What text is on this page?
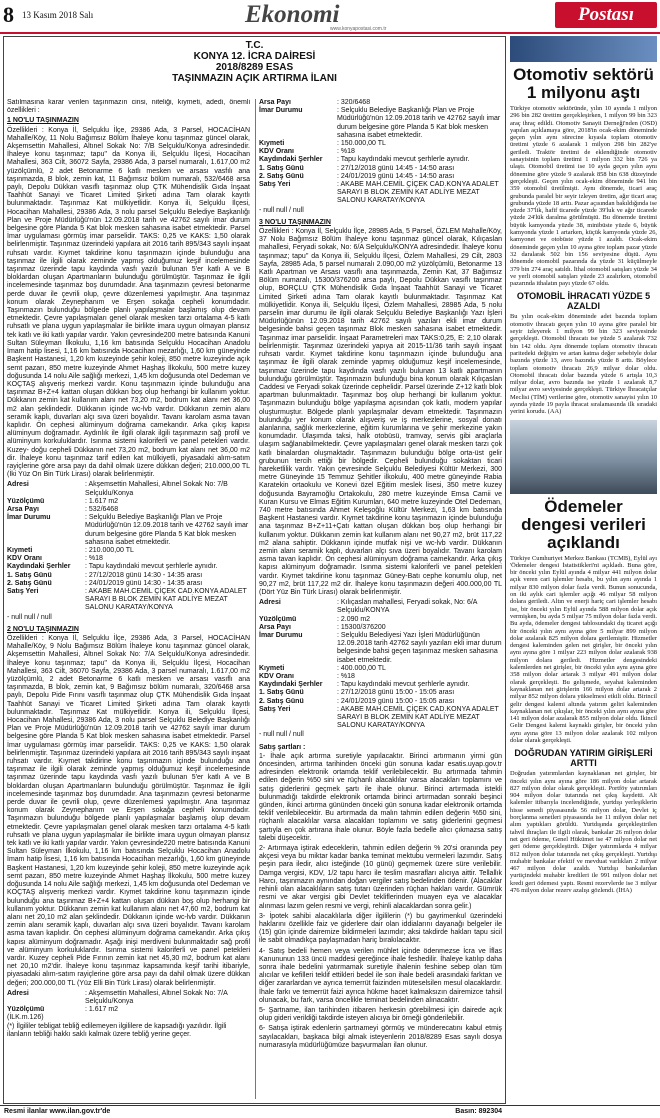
8 13 Kasım 2018 Salı	Ekonomi	Postası
www.konyapostasi.com.tr
T.C.
KONYA 12. İCRA DAİRESİ
2018/8289 ESAS
TAŞINMAZIN AÇIK ARTIRMA İLANI

Satılmasına karar verilen taşınmazın cinsi, niteliği, kıymeti, adedi, önemli özellikleri :

1 NO'LU TAŞINMAZIN

Özellikleri : Konya İl, Selçuklu İlçe, 29386 Ada, 3 Parsel, HOCACİHAN Mahalle/Köy, 11 Nolu Bağımsız Bölüm İhaleye konu taşınmaz güncel olarak, Akşemsettin Mahallesi, Altınel Sokak No: 7/B Selçuklu/Konya adresindedir. İhaleye konu taşınmaz; tapu'' da Konya ili, Selçuklu İlçesi, Hocacihan Mahallesi, 363 Cilt, 36072 Sayfa, 29386 Ada, 3 parsel numaralı, 1.617,00 m2 yüzölçümlü, 2 adet Betonarme 6 katlı mesken ve arsası vasfılı ana taşınmazda, B blok, zemin kat, 11 Bağımsız bölüm numaralı, 532/6468 arsa paylı, Depolu Dükkan vasıflı taşınmaz olup ÇTK Mühendislik Gıda İnşaat Taahhüt Sanayi ve Ticaret Limited Şirketi adına Tam olarak kayıtlı bulunmaktadır. Taşınmaz Kat mülkiyetlidir. Konya ili, Selçuklu İlçesi, Hocacihan Mahallesi, 29386 Ada, 3 nolu parsel Selçuklu Belediye Başkanlığı Plan ve Proje Müdürlüğü'nün 12.09.2018 tarih ve 42762 sayılı imar durum belgesine göre Planda 5 Kat blok mesken sahasına isabet etmektedir. Parsel İmar uygulaması görmüş imar parselidir. TAKS: 0,25 ve KAKS: 1,50 olarak belirlenmiştir. Taşınmaz üzerindeki yapılara ait 2016 tarih 895/343 sayılı inşaat ruhsatı vardır. Kıymet takdirine konu taşınmazın içinde bulunduğu ana taşınmaz ile ilgili olarak zeminde yapmış olduğumuz keşif incelemesinde taşınmaz üzerinde tapu kaydında vasfı yazılı bulunan 5'er katlı A ve B bloklardan oluşan Apartmanların bulunduğu görülmüştür. Taşınmaz ile ilgili incelemesinde taşınmaz boş durumdadır. Ana taşınmazın çevresi betonarme perde duvar ile çevrili olup, çevre düzenlemesi yapılmıştır. Ana taşınmaz konum olarak Zeynephanım ve Erşen sokağa cepheli konumdadır. Taşınmazın bulunduğu bölgede planlı yapılaşmalar başlamış olup devam etmektedir. Çevre yapılaşmaları genel olarak mesken tarzı ortalama 4-5 katlı ruhsatlı ve plana uygun yapılaşmalar ile birlikte imara uygun olmayan plansız tek katlı ve iki katlı yapılar vardır. Yakın çevresinde200 metre batısında Kanuni Sultan Süleyman İlkokulu, 1,16 km batısında Selçuklu Hocacihan Anadolu İmam hatip lisesi, 1,16 km batısında Hocacihan mezarlığı, 1,60 km güneyinde Başkent Hastanesi, 1,20 km kuzeyinde şehir koleji, 850 metre kuzeyinde açık semt pazarı, 850 metre kuzeyinde Ahmet Haşhaş İlkokulu, 500 metre kuzey doğusunda 14 nolu Aile sağlığı merkezi, 1,45 km doğusunda otel Dedeman ve KOÇTAŞ alışveriş merkezi vardır. Konu taşınmazın içinde bulunduğu ana taşınmaz B+Z+4 kattan oluşan dükkan boş olup herhangi bir kullanım yoktur. Dükkanın zemin kat kullanım alanı net 73,20 m2, bodrum kat alanı net 36,00 m2 alan şeklindedir. Dükkanın içinde wc-lvb vardır. Dükkanın zemin alanı seramik kaplı, duvarları alçı sıva üzeri boyalıdır. Tavanı karolam asma tavan kaplıdır. Ön cephesi alüminyum doğrama camekandır. Arka çıkış kapısı alüminyum doğramadır. Aydınlık ile ilgili olarak ilgili taşınmazın sağ profil ve alüminyum korkuluklardır. Isınma sistemi kaloriferli ve panel petekleri vardır. Kuzey- doğu cepheli Dükkanın net 73,20 m2, bodrum kat alanı net 36,00 m2 dir. İhaleye konu taşınmaz tarif edilen kat mülkiyetli, piyasadaki alım-satım rayiçlerine göre arsa payı da dahil olmak üzere dükkan değeri; 210.000,00 TL (İki Yüz On Bin Türk Lirası) olarak belirlenmiştir.

Adresi	: Akşemsettin Mahallesi, Altınel Sokak No: 7/B Selçuklu/Konya
Yüzölçümü	: 1.617 m2
Arsa Payı	: 532/6468
İmar Durumu	: Selçuklu Belediye Başkanlığı Plan ve Proje Müdürlüğü'nün 12.09.2018 tarih ve 42762 sayılı imar durum belgesine göre Planda 5 Kat blok mesken sahasına isabet etmektedir.
Kıymeti	: 210.000,00 TL
KDV Oranı	: %18
Kaydındaki Şerhler	: Tapu kaydındaki mevcut şerhlerle aynıdır.
1. Satış Günü	: 27/12/2018 günü 14:30 - 14:35 arası
2. Satış Günü	: 24/01/2019 günü 14:30 - 14:35 arası
Satış Yeri	: AKABE MAH.CEMİL ÇİÇEK CAD.KONYA ADALET SARAYI B BLOK ZEMİN KAT ADLİYE MEZAT SALONU KARATAY/KONYA
- null null / null
2 NO'LU TAŞINMAZIN

Özellikleri : Konya İl, Selçuklu İlçe, 29386 Ada, 3 Parsel, HOCACİHAN Mahalle/Köy, 9 Nolu Bağımsız Bölüm İhaleye konu taşınmaz güncel olarak, Akşemsettin Mahallesi, Altınel Sokak No: 7/A Selçuklu/Konya adresindedir. İhaleye konu taşınmaz; tapu'' da Konya ili, Selçuklu İlçesi, Hocacihan Mahallesi, 363 Cilt, 36070 Sayfa, 29386 Ada, 3 parsel numaralı, 1.617,00 m2 yüzölçümlü, 2 adet Betonarme 6 katlı mesken ve arsası vasıflı ana taşınmazda, B blok, zemin kat, 9 Bağımsız bölüm numaralı, 320/6468 arsa paylı, Depolu Pide Fırını vasıflı taşınmaz olup ÇTK Mühendislik Gıda İnşaat Taahhüt Sanayi ve Ticaret Limited Şirketi adına Tam olarak kayıtlı bulunmaktadır. Taşınmaz Kat mülkiyetlidir. Konya ili, Selçuklu İlçesi, Hocacihan Mahallesi, 29386 Ada, 3 nolu parsel Selçuklu Belediye Başkanlığı Plan ve Proje Müdürlüğü'nün 12.09.2018 tarih ve 42762 sayılı imar durum belgesine göre Planda 5 Kat blok mesken sahasına isabet etmektedir. Parsel İmar uygulaması görmüş imar parselidir. TAKS: 0,25 ve KAKS: 1,50 olarak belirlenmiştir. Taşınmaz üzerindeki yapılara ait 2016 tarih 895/343 sayılı inşaat ruhsatı vardır. Kıymet takdirine konu taşınmazın içinde bulunduğu ana taşınmaz ile ilgili olarak zeminde yapmış olduğumuz keşif incelemesinde taşınmaz üzerinde tapu kaydında vasfı yazılı bulunan 5'er katlı A ve B bloklardan oluşan Apartmanların bulunduğu görülmüştür. Taşınmaz ile ilgili incelemesinde taşınmaz boş durumdadır. Ana taşınmazın çevresi betonarme perde duvar ile çevrili olup, çevre düzenlemesi yapılmıştır. Ana taşınmaz konum olarak Zeynephanım ve Erşen sokağa cepheli konumdadır. Taşınmazın bulunduğu bölgede planlı yapılaşmalar başlamış olup devam etmektedir. Çevre yapılaşmaları genel olarak mesken tarzı ortalama 4-5 katlı ruhsatlı ve plana uygun yapılaşmalar ile birlikte imara uygun olmayan plansız tek katlı ve iki katlı yapılar vardır. Yakın çevresinde220 metre batısında Kanuni Sultan Süleyman İlkokulu, 1,16 km batısında Selçuklu Hocacihan Anadolu İmam hatip lisesi, 1,16 km batısında Hocacihan mezarlığı, 1,60 km güneyinde Başkent Hastanesi, 1,20 km kuzeyinde şehir koleji, 850 metre kuzeyinde açık semt pazarı, 850 metre kuzeyinde Ahmet Haşhaş İlkokulu, 500 metre kuzey doğusunda 14 nolu Aile sağlığı merkezi, 1,45 km doğusunda otel Dedeman ve KOÇTAŞ alışveriş merkezi vardır. Kıymet takdirine konu taşınmazın içinde bulunduğu ana taşınmaz B+Z+4 kattan oluşan dükkan boş olup herhangi bir kullanım yoktur. Dükkanın zemin kat kullanım alanı net 47,60 m2, bodrum kat alanı net 20,10 m2 alan şeklindedir. Dükkanın içinde wc-lvb vardır. Dükkanın zemin alanı seramik kaplı, duvarları alçı sıva üzeri boyalıdır. Tavanı karolam asma tavan kaplıdır. Ön cephesi alüminyum doğrama camekandır. Arka çıkış kapısı alüminyum doğramadır. Aşağı inişi merdiveni bulunmaktadır sağ profil ve alüminyum korkuluklardır. Isınma sistemi kaloriferli ve panel petekleri vardır. Kuzey cepheli Pide Fırının zemin kat net 45,30 m2, bodrum kat alanı net 20,10 m2'dir. İhaleye konu taşınmaz kapsamında keşif tarihi itibariyle, piyasadaki alım-satım rayiçlerine göre arsa payı da dahil olmak üzere dükkan değeri; 200.000,00 TL (Yüz Elli Bin Türk Lirası) olarak belirlenmiştir.

Adresi	: Akşemsettin Mahallesi, Altınel Sokak No: 7/A Selçuklu/Konya
Yüzölçümü	: 1.617 m2
(İLK.m.126)
(*) İlgililer tebligat tebliğ edilemeyen ilgililere de kapsadığı yazılıdır. İlgili ilanların tebliği hakkı saklı kalmak üzere tebliğ yerine geçer.
Arsa Payı	: 320/6468
İmar Durumu	: Selçuklu Belediye Başkanlığı Plan ve Proje Müdürlüğü'nün 12.09.2018 tarih ve 42762 sayılı imar durum belgesine göre Planda 5 Kat blok mesken sahasına isabet etmektedir.
Kıymeti	: 150.000,00 TL
KDV Oranı	: %18
Kaydındaki Şerhler	: Tapu kaydındaki mevcut şerhlerle aynıdır.
1. Satış Günü	: 27/12/2018 günü 14:45 - 14:50 arası
2. Satış Günü	: 24/01/2019 günü 14:45 - 14:50 arası
Satış Yeri	: AKABE MAH.CEMİL ÇİÇEK CAD.KONYA ADALET SARAYI B BLOK ZEMİN KAT ADLİYE MEZAT SALONU KARATAY/KONYA
- null null / null
3 NO'LU TAŞINMAZIN

Özellikleri : Konya İl, Selçuklu İlçe, 28985 Ada, 5 Parsel, ÖZLEM Mahalle/Köy, 37 Nolu Bağımsız Bölüm İhaleye konu taşınmaz güncel olarak, Kılıçaslan mahallesi, Feryadi sokak, No: 6/A Selçuklu/KONYA adresindedir. İhaleye konu taşınmaz; tapu'' da Konya ili, Selçuklu İlçesi, Özlem Mahallesi, 29 Cilt, 2803 Sayfa, 28985 Ada, 5 parsel numaralı 2.090,00 m2 yüzölçümlü, Betonarme 13 Katlı Apartman ve Arsası vasıflı ana taşınmazda, Zemin Kat, 37 Bağımsız Bölüm numaralı, 15300/376200 arsa paylı, Depolu Dükkan vasıflı taşınmaz olup, BORÇLU ÇTK Mühendislik Gıda İnşaat Taahhüt Sanayi ve Ticaret Limited Şirketi adına Tam olarak kayıtlı bulunmaktadır. Taşınmaz Kat mülkiyetlidir. Konya ili, Selçuklu İlçesi, Özlem Mahallesi, 28985 Ada, 5 nolu parselin imar durumu ile ilgili olarak Selçuklu Belediye Başkanlığı Yazı İşleri Müdürlüğünün 12.09.2018 tarih 42762 sayılı yazıları ekli imar durum belgesinde bahsi geçen taşınmaz Blok mesken sahasına isabet etmektedir. Taşınmaz imar parselidir. İnşaat Parametreleri max TAKS:0,25, E: 2,10 olarak belirlenmiştir. Taşınmaz üzerindeki yapıya ait 2015-11/36 tarih sayılı inşaat ruhsatı vardır. Kıymet takdirine konu taşınmazın içinde bulunduğu ana taşınmaz ile ilgili olarak zeminde yapmış olduğumuz keşif incelemesinde, taşınmaz üzerinde tapu kaydında vasfı yazılı bulunan 13 katlı apartmanın bulunduğu görülmüştür. Taşınmazın bulunduğu bina konum olarak Kılıçaslan Caddesi ve Feryadi sokak üzerinde cephelidir. Parsel üzerinde Z+12 katlı blok apartman bulunmaktadır. Taşınmaz boş olup herhangi bir kullanım yoktur. Taşınmazın bulunduğu bölge yapılaşma açısından çok katlı, modern yapılar oluşturmuştur. Bölgede planlı yapılaşmalar devam etmektedir. Taşınmazın bulunduğu yer konum olarak alışveriş ve iş merkezlerine, sosyal donatı alanlarına, sağlık merkezlerine, eğitim kurumlarına ve şehir merkezine yakın konumdadır. Ulaşımda taksi, halk otobüsü, tramvay, servis gibi araçlarla ulaşım sağlanabilmektedir. Çevre yapılaşmaları genel olarak mesken tarzı çok katlı binalardan oluşmaktadır. Taşınmazın bulunduğu bölge orta-üst gelir grubunun tercih ettiği bir bölgedir. Cepheli bulunduğu sokaktan ticari hareketlilik vardır. Yakın çevresinde Selçuklu Belediyesi Kültür Merkezi, 300 metre Güneyinde 15 Temmuz Şehitler ilkokulu, 400 metre güneyinde Rabia Karatekin ortaokulu ve Konevi özel Eğitim meslek lisesi, 350 metre kuzey doğusunda Bayramoğlu Ortakokulu, 280 metre kuzeyinde Emsa Camii ve Kuran Kursu ve Elmas Eğitim Kurumları, 640 metre kuzeyinde Otel Dedeman, 740 metre batısında Ahmet Keleşoğlu Kültür Merkezi, 1,63 km batısında Başkent Hastanesi vardır. Kıymet takdirine konu taşınmazın içinde bulunduğu ana taşınmaz B+Z+11+Çatı kattan oluşan dükkan boş olup herhangi bir kullanım yoktur. Dükkanın zemin kat kullanım alanı net 90,27 m2, brüt 117,22 m2 alana sahiptir. Dükkanın içinde mutfak nişi ve wc-lvb vardır. Dükkanın zemin alanı seramik kaplı, duvarları alçı sıva üzeri boyalıdır. Tavanı karolam asma tavan kaplıdır. Ön cephesi alüminyum doğrama camekandır. Arka çıkış kapısı alüminyum doğramadır. Isınma sistemi kaloriferli ve panel petekleri vardır. Kıymet takdirine konu taşınmaz Güney-Batı cephe konumlu olup, net 90,27 m2, brüt 117,22 m2 dir. İhaleye konu taşınmazın değeri 400.000,00 TL (Dört Yüz Bin Türk Lirası) olarak belirlenmiştir.

Adresi	: Kılıçaslan mahallesi, Feryadi sokak, No: 6/A Selçuklu/KONYA
Yüzölçümü	: 2.090 m2
Arsa Payı	: 15300/376200
İmar Durumu	: Selçuklu Belediyesi Yazı İşleri Müdürlüğünün 12.09.2018 tarih 42762 sayılı yazıları ekli imar durum belgesinde bahsi geçen taşınmaz mesken sahasına isabet etmektedir.
Kıymeti	: 400.000,00 TL
KDV Oranı	: %18
Kaydındaki Şerhler	: Tapu kaydındaki mevcut şerhlerle aynıdır.
1. Satış Günü	: 27/12/2018 günü 15:00 - 15:05 arası
2. Satış Günü	: 24/01/2019 günü 15:00 - 15:05 arası
Satış Yeri	: AKABE MAH.CEMİL ÇİÇEK CAD.KONYA ADALET SARAYI B BLOK ZEMİN KAT ADLİYE MEZAT SALONU KARATAY/KONYA
- null null / null
Satış şartları :

1- İhale açık artırma suretiyle yapılacaktır. Birinci artırmanın yirmi gün öncesinden, artırma tarihinden önceki gün sonuna kadar esatis.uyap.gov.tr adresinden elektronik ortamda teklif verilebilecektir. Bu artırmada tahmin edilen değerin %50 sini ve rüçhanlı alacaklılar varsa alacakları toplamını ve satış giderlerini geçmek şartı ile ihale olunur. Birinci artırmada istekli bulunmadığı takdirde elektronik ortamda birinci artırmadan sonraki beşinci günden, ikinci artırma gününden önceki gün sonuna kadar elektronik ortamda teklif verilebilecektir. Bu artırmada da malın tahmin edilen değerin %50 sini, rüçhanlı alacaklılar varsa alacakları toplamını ve satış giderlerini geçmesi şartıyla en çok artırana ihale olunur. Böyle fazla bedelle alıcı çıkmazsa satış talebi düşecektir.

2- Artırmaya iştirak edeceklerin, tahmin edilen değerin % 20'si oranında pey akçesi veya bu miktar kadar banka teminat mektubu vermeleri lazımdır. Satış peşin para iledir, alıcı isteğinde (10 günü) geçmemek üzere süre verilebilir. Damga vergisi, KDV, 1/2 tapu harcı ile teslim masrafları alıcıya aittir. Tellallık Harcı, taşınmazın aynından doğan vergiler satış bedelinden ödenir. (Alacaklar rehinli olan alacaklıların satış tutarı üzerinden rüçhan hakları vardır. Gümrük resmi ve akar vergisi gibi Devlet tekliflerinden muayen eya ve alacaklar alınması lazım gelen resmi ve vergi, rehinli alacaklardan sonra gelir.)

3- İpotek sahibi alacaklılarla diğer ilgililerin (*) bu gayrimenkul üzerindeki haklarını özellikle faiz ve giderlere dair olan iddialarını dayanağı belgeler ile (15) gün içinde dairemize bildirmeleri lazımdır; aksi takdirde hakları tapu sicil ile sabit olmadıkça paylaşmadan hariç bırakılacaktır.

4- Satış bedeli hemen veya verilen mühlet içinde ödenmezse İcra ve İflas Kanununun 133 üncü maddesi gereğince ihale feshedilir. İhaleye katılıp daha sonra ihale bedelini yatırmamak suretiyle ihalenin feshine sebep olan tüm alıcılar ve kefilleri teklif ettikleri bedel ile son ihale bedeli arasındaki farktan ve diğer zararlardan ve ayrıca temerrüt faizinden müteselsilen mesul olacaklardır. İhale farkı ve temerrüt faizi ayrıca hükme hacet kalmaksızın dairemizce tahsil olunacak, bu fark, varsa öncelikle teminat bedelinden alınacaktır.

5- Şartname, ilan tarihinden itibaren herkesin görebilmesi için dairede açık olup gideri verildiği takdirde isteyen alıcıya bir örneği gönderilebilir.

6- Satışa iştirak edenlerin şartnameyi görmüş ve münderecatını kabul etmiş sayılacakları, başkaca bilgi almak isteyenlerin 2018/8289 Esas sayılı dosya numarasıyla müdürlüğümüze başvurmaları ilan olunur.

Otomotiv sektörü 1 milyonu aştı

Türkiye otomotiv sektöründe, yılın 10 ayında 1 milyon 296 bin 282 ürettim gerçekleşirken, 1 milyon 99 bin 323 araç ihraç edildi. Otomotiv Sanayii Derneği'nden (OSD) yapılan açıklamaya göre, 2018'in ocak-ekim döneminde geçen yılın aynı sürecine kıyasla toplam otomotiv üretimi yüzde 6 azalarak 1 milyon 298 bin 282'ye geriledi. Traktör üretimi de eklendiğinde otomotiv sanayisinin toplam üretimi 1 milyon 332 bin 726 ya ulaştı. Otomobil üretimi ise 10 ayda geçen yılın aynı dönemine göre yüzde 9 azalarak 858 bin 638 düzeyinde gerçekleşti. Geçen yılın ocak-ekim döneminde 941 bin 359 otomobil üretilmişti. Aynı dönemde, ticari araç grubunda paralel bir seyir izleyen üretim, ağır ticari araç grubunda yüzde 18 arttı. Pazar açısından bakıldığında ise yüzde 37'lik, hafif ticarede yüzde 39'luk ve ağır ticarede yüzde 24'lük daralma görülmüştü. Bu dönemde üretimi büyük kamyonda yüzde 38, minibüste yüzde 6, büyük kamyonda yüzde 1 artarken, küçük kamyonda yüzde 26, kamyonet ve otobüste yüzde 1 azaldı. Ocak-ekim döneminde geçen yılın 10 ayına göre toplam pazar yüzde 32 daralarak 502 bin 156 seviyesine düştü. Aynı dönemde otomobil pazarında da yüzde 31 küçülmeyle 379 bin 274 araç satıldı. İthal otomobil satışları yüzde 34 ve yerli otomobil satışları yüzde 23 azalırken, otomobil pazarında ithalatın payı yüzde 67 oldu.

OTOMOBİL İHRACATI YÜZDE 5 AZALDI

Bu yılın ocak-ekim döneminde adet bazında toplam otomotiv ihracatı geçen yılın 10 ayına göre paralel bir seyir izleyerek 1 milyon 99 bin 323 seviyesinde gerçekleşti. Otomobil ihracatı ise yüzde 5 azalarak 732 bin 142 oldu. Aynı dönemde toplam otomotiv ihracatı paritedeki değişim ve artan katma değer sebebiyle dolar bazında yüzde 13, avro bazında yüzde 8 arttı. Böylece toplam otomotiv ihracatı 26,9 milyar dolar oldu. Otomobil ihracatı dolar bazında yüzde 6 artışla 10,3 milyar dolar, avro bazında ise yüzde 1 azalarak 8,7 milyar avro seviyesinde gerçekleşti. Türkiye İhracatçılar Meclisi (TİM) verilerine göre, otomotiv sanayisi yılın 10 ayında yüzde 19 payla ihracat sıralamasında ilk sıradaki yerini korudu. (AA)

Ödemeler dengesi verileri açıklandı

Türkiye Cumhuriyet Merkez Bankası (TCMB), Eylül ayı 'Ödemeler dengesi İstatistikleri'ni açıkladı. Buna göre, bir önceki yılın Eylül ayında 4 milyar 441 milyon dolar açık veren cari işlemler hesabı, bu yılın aynı ayında 1 milyar 830 milyon dolar fazla verdi. Bunun sonucunda, on iki aylık cari işlemler açığı 46 milyar 58 milyon dolara geriledi. Altın ve enerji hariç cari işlemler hesabı ise, bir önceki yılın Eylül ayında 588 milyon dolar açık vermişken, bu ayda 5 milyar 75 milyon dolar fazla verdi. Bu ayda, ödemeler dengesi tablosundaki dış ticaret açığı bir önceki yılın aynı ayına göre 5 milyar 899 milyon dolar azalarak 825 milyon dolara gerilemiştir. Hizmetler dengesi kaleminden gelen net girişler, bir önceki yılın aynı ayına göre 1 milyar 223 milyon dolar azalarak 938 milyon dolara geriledi. Hizmetler dengesindeki kalemlerden net girişler, bir önceki yılın aynı ayına göre 358 milyon dolar artarak 3 milyar 491 milyon dolar olarak gerçekleşti. Bu gelişmede, seyahat kaleminden kaynaklanan net girişlerin 166 milyon dolar artarak 2 milyar 852 milyon dolara yükselmesi etkili oldu. Birincil gelir dengesi kalemi altında yatırım geliri kaleminden kaynaklanan net çıkışlar, bir önceki yılın aynı ayına göre 141 milyon dolar azalarak 855 milyon dolar oldu. İkincil Gelir Dengesi kalemi kaynaklı girişler, bir önceki yılın aynı ayına göre 13 milyon dolar azalarak 102 milyon dolar olarak gerçekleşti.

DOĞRUDAN YATIRIM GİRİŞLERİ ARTTI

Doğrudan yatırımlardan kaynaklanan net girişler, bir önceki yılın aynı ayına göre 186 milyon dolar artarak 827 milyon dolar olarak gerçekleşti. Portföy yatırımları 904 milyon dolar tutarında net çıkış kaydetti. Alt kalemler itibarıyla incelendiğinde, yurtdışı yerleşiklerin hisse senedi piyasasında 56 milyon dolar, Devlet iç borçlanma senetleri piyasasında ise 11 milyon dolar net alım yaptıkları görüldü. Yurtdışında gerçekleştirilen tahvil ihraçları ile ilgili olarak, bankalar 26 milyon dolar net geri ödeme, Genel Hükümet ise 47 milyon dolar net geri ödeme gerçekleştirdi. Diğer yatırımlarda 4 milyar 812 milyon dolar tutarında net çıkış gerçekleşti. Yurtdışı muhabir bankalar efektif ve mevduat varlıkları 2 milyar 467 milyon dolar azaldı. Yurtdışı bankalardan yurtiçindeki muhabir kredileri ile 991 milyon dolar net kredi geri ödemesi yaptı. Resmi rezervlerde ise 3 milyar 476 milyon dolar rezerv azalışı gözlendi. (İHA)

Resmi ilanlar www.ilan.gov.tr'de	Basın: 892304
